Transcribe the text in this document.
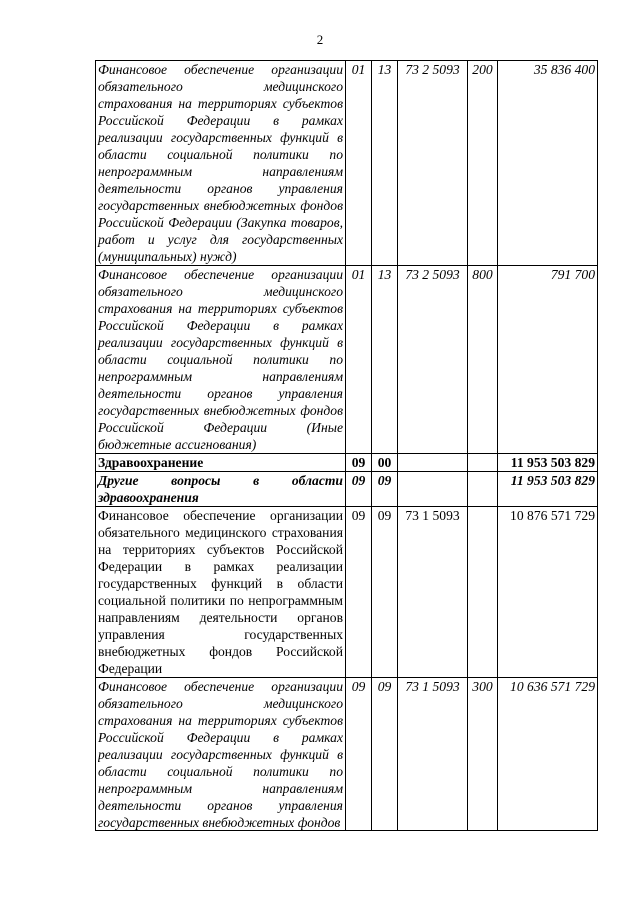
2
Финансовое обеспечение организации обязательного медицинского страхования на территориях субъектов Российской Федерации в рамках реализации государственных функций в области социальной политики по непрограммным направлениям деятельности органов управления государственных внебюджетных фондов Российской Федерации (Закупка товаров, работ и услуг для государственных (муниципальных) нужд)	01	13	73 2 5093	200	35 836 400
Финансовое обеспечение организации обязательного медицинского страхования на территориях субъектов Российской Федерации в рамках реализации государственных функций в области социальной политики по непрограммным направлениям деятельности органов управления государственных внебюджетных фондов Российской Федерации (Иные бюджетные ассигнования)	01	13	73 2 5093	800	791 700
Здравоохранение	09	00			11 953 503 829
Другие вопросы в области здравоохранения	09	09			11 953 503 829
Финансовое обеспечение организации обязательного медицинского страхования на территориях субъектов Российской Федерации в рамках реализации государственных функций в области социальной политики по непрограммным направлениям деятельности органов управления государственных внебюджетных фондов Российской Федерации	09	09	73 1 5093		10 876 571 729

Финансовое обеспечение организации обязательного медицинского страхования на территориях субъектов Российской Федерации в рамках реализации государственных функций в области социальной политики по непрограммным направлениям деятельности органов управления государственных внебюджетных фондов	09	09	73 1 5093	300	10 636 571 729
